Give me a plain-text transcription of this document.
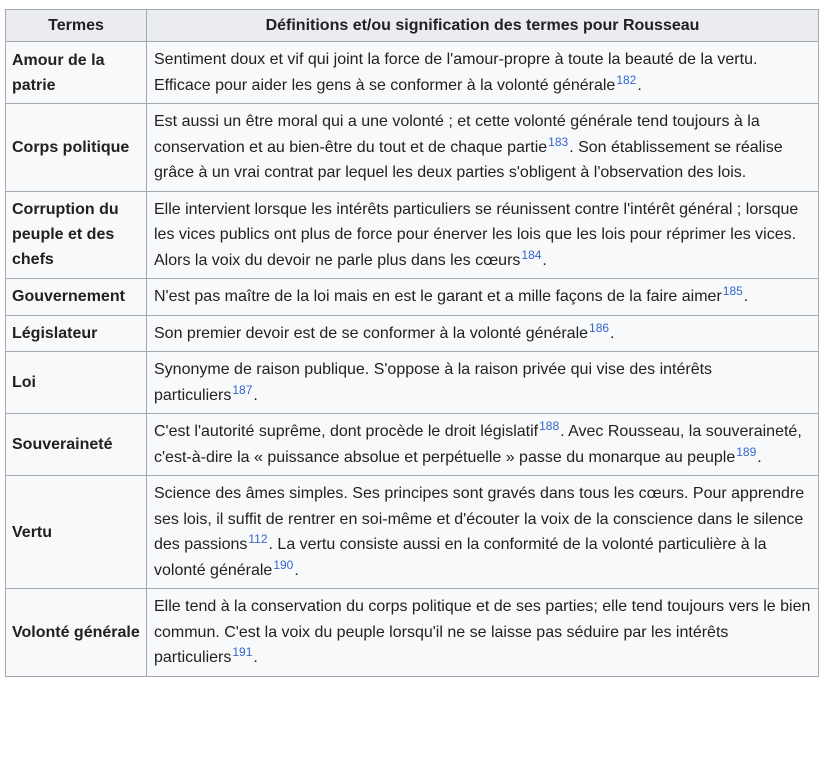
Termes	Définitions et/ou signification des termes pour Rousseau
Amour de la patrie	Sentiment doux et vif qui joint la force de l'amour-propre à toute la beauté de la vertu. Efficace pour aider les gens à se conformer à la volonté générale$^{182}$.
Corps politique	Est aussi un être moral qui a une volonté ; et cette volonté générale tend toujours à la conservation et au bien-être du tout et de chaque partie$^{183}$. Son établissement se réalise grâce à un vrai contrat par lequel les deux parties s'obligent à l'observation des lois.
Corruption du peuple et des chefs	Elle intervient lorsque les intérêts particuliers se réunissent contre l'intérêt général ; lorsque les vices publics ont plus de force pour énerver les lois que les lois pour réprimer les vices. Alors la voix du devoir ne parle plus dans les cœurs$^{184}$.
Gouvernement	N'est pas maître de la loi mais en est le garant et a mille façons de la faire aimer$^{185}$.
Législateur	Son premier devoir est de se conformer à la volonté générale$^{186}$.
Loi	Synonyme de raison publique. S'oppose à la raison privée qui vise des intérêts particuliers$^{187}$.
Souveraineté	C'est l'autorité suprême, dont procède le droit législatif$^{188}$. Avec Rousseau, la souveraineté, c'est-à-dire la « puissance absolue et perpétuelle » passe du monarque au peuple$^{189}$.
Vertu	Science des âmes simples. Ses principes sont gravés dans tous les cœurs. Pour apprendre ses lois, il suffit de rentrer en soi-même et d'écouter la voix de la conscience dans le silence des passions$^{112}$. La vertu consiste aussi en la conformité de la volonté particulière à la volonté générale$^{190}$.
Volonté générale	Elle tend à la conservation du corps politique et de ses parties; elle tend toujours vers le bien commun. C'est la voix du peuple lorsqu'il ne se laisse pas séduire par les intérêts particuliers$^{191}$.
